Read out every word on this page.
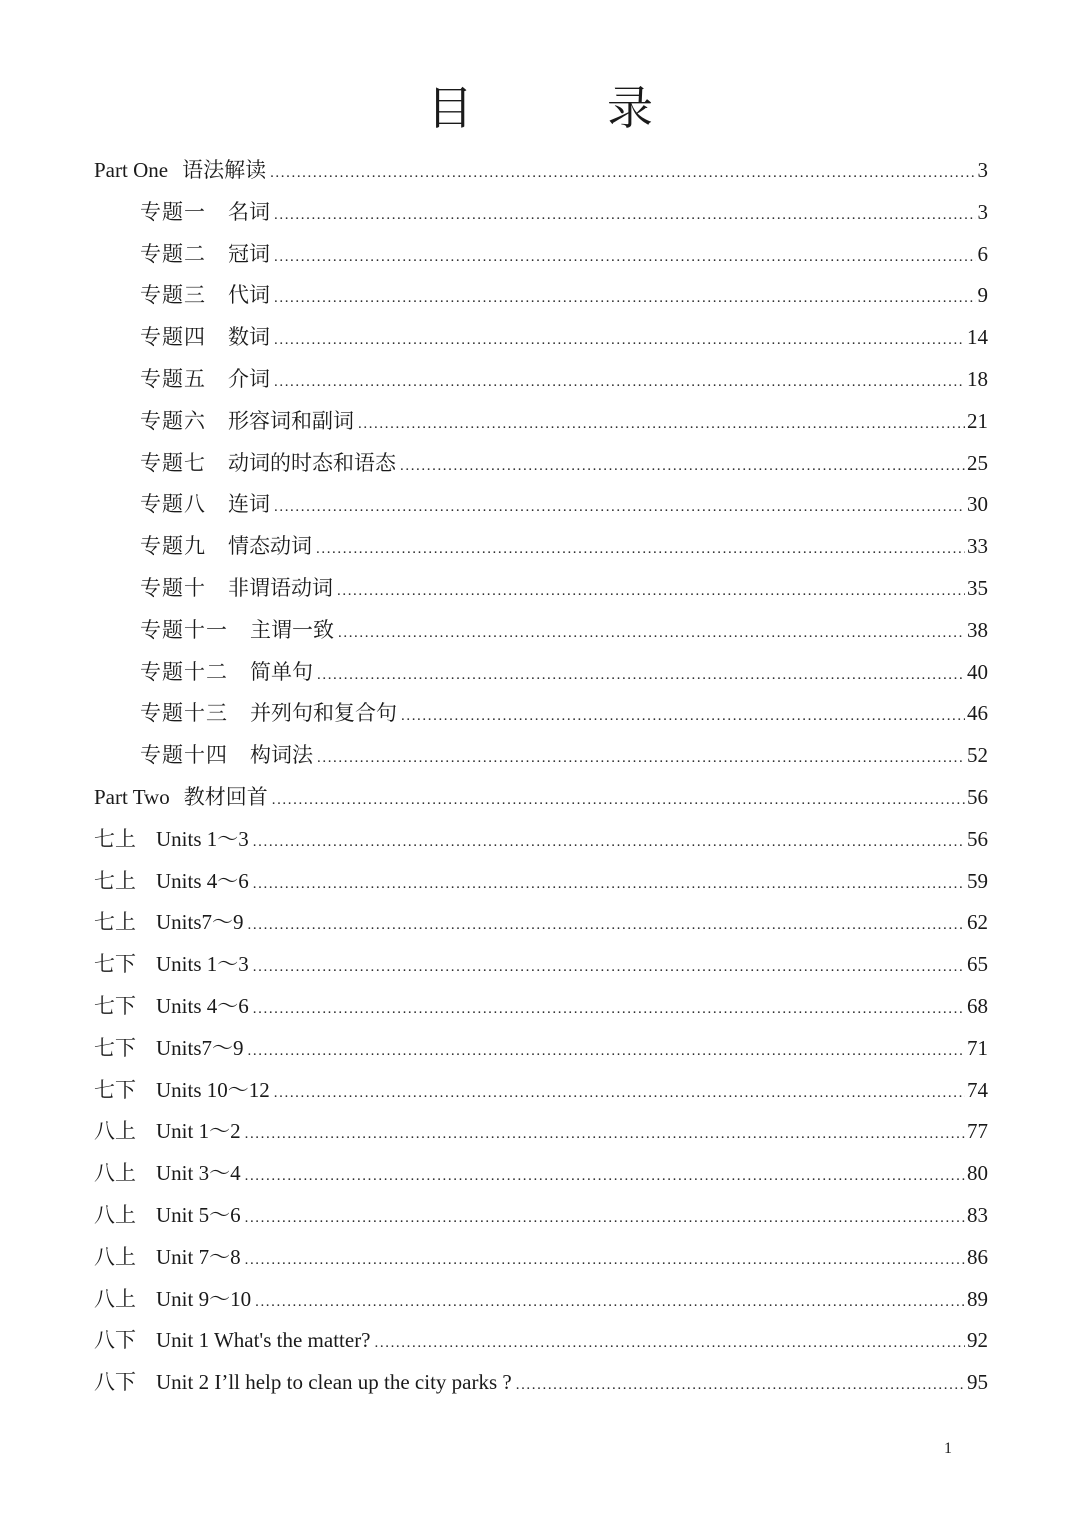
目　录
Part One 语法解读 .....	3
专题一 名词 .....	3
专题二 冠词 .....	6
专题三 代词 .....	9
专题四 数词 .....	14
专题五 介词 .....	18
专题六 形容词和副词 .....	21
专题七 动词的时态和语态 .....	25
专题八 连词 .....	30
专题九 情态动词 .....	33
专题十 非谓语动词 .....	35
专题十一 主谓一致 .....	38
专题十二 简单句 .....	40
专题十三 并列句和复合句 .....	46
专题十四 构词法 .....	52
Part Two 教材回首 .....	56
七上 Units 1～3 .....	56
七上 Units 4～6 .....	59
七上 Units7～9 .....	62
七下 Units 1～3 .....	65
七下 Units 4～6 .....	68
七下 Units7～9 .....	71
七下 Units 10～12 .....	74
八上 Unit 1～2 .....	77
八上 Unit 3～4 .....	80
八上 Unit 5～6 .....	83
八上 Unit 7～8 .....	86
八上 Unit 9～10 .....	89
八下 Unit 1 What's the matter? .....	92
八下 Unit 2 I’ll help to clean up the city parks ? .....	95
1
